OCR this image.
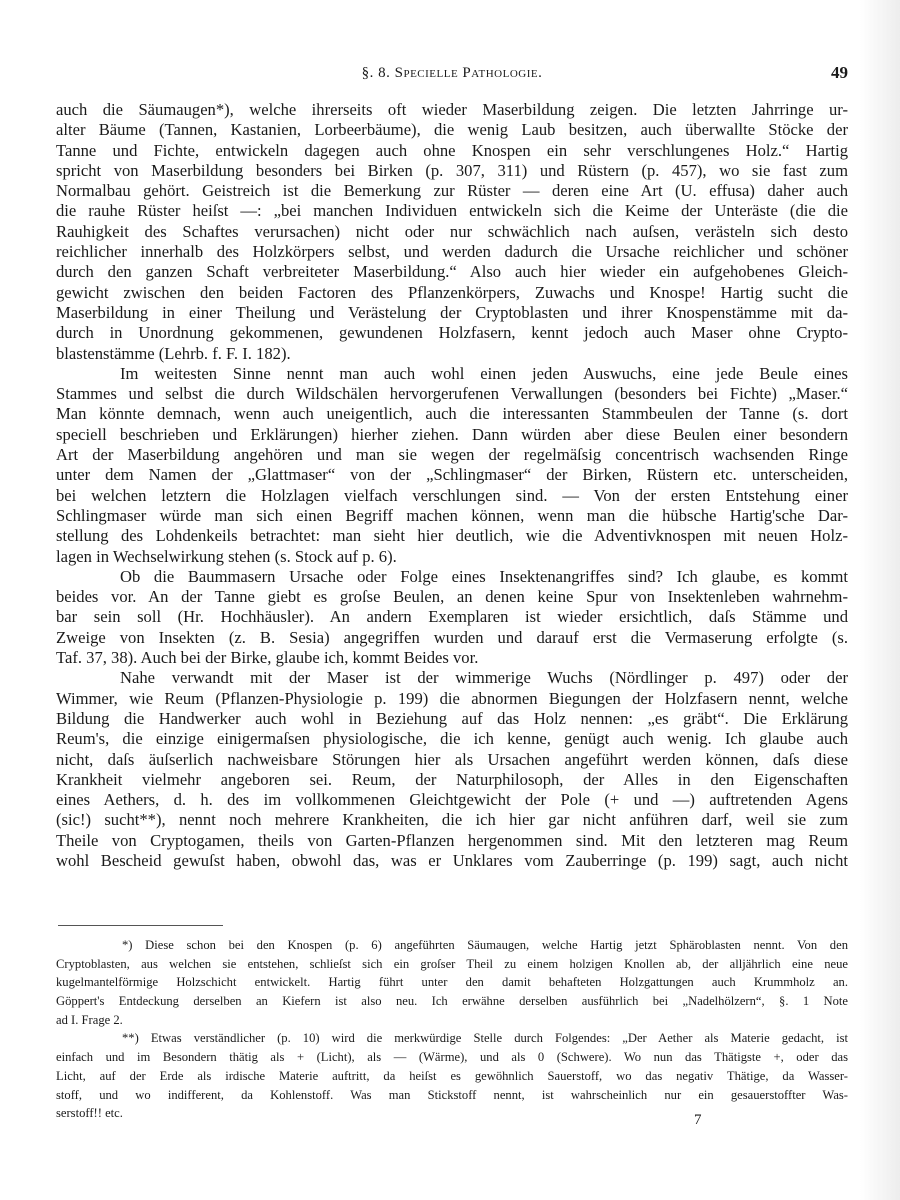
§. 8. Specielle Pathologie.	49
auch die Säumaugen*), welche ihrerseits oft wieder Maserbildung zeigen. Die letzten Jahrringe ur-
alter Bäume (Tannen, Kastanien, Lorbeerbäume), die wenig Laub besitzen, auch überwallte Stöcke der
Tanne und Fichte, entwickeln dagegen auch ohne Knospen ein sehr verschlungenes Holz.“ Hartig
spricht von Maserbildung besonders bei Birken (p. 307, 311) und Rüstern (p. 457), wo sie fast zum
Normalbau gehört. Geistreich ist die Bemerkung zur Rüster — deren eine Art (U. effusa) daher auch
die rauhe Rüster heiſst —: „bei manchen Individuen entwickeln sich die Keime der Unteräste (die die
Rauhigkeit des Schaftes verursachen) nicht oder nur schwächlich nach auſsen, verästeln sich desto
reichlicher innerhalb des Holzkörpers selbst, und werden dadurch die Ursache reichlicher und schöner
durch den ganzen Schaft verbreiteter Maserbildung.“ Also auch hier wieder ein aufgehobenes Gleich-
gewicht zwischen den beiden Factoren des Pflanzenkörpers, Zuwachs und Knospe! Hartig sucht die
Maserbildung in einer Theilung und Verästelung der Cryptoblasten und ihrer Knospenstämme mit da-
durch in Unordnung gekommenen, gewundenen Holzfasern, kennt jedoch auch Maser ohne Crypto-
blastenstämme (Lehrb. f. F. I. 182).
Im weitesten Sinne nennt man auch wohl einen jeden Auswuchs, eine jede Beule eines
Stammes und selbst die durch Wildschälen hervorgerufenen Verwallungen (besonders bei Fichte) „Maser.“
Man könnte demnach, wenn auch uneigentlich, auch die interessanten Stammbeulen der Tanne (s. dort
speciell beschrieben und Erklärungen) hierher ziehen. Dann würden aber diese Beulen einer besondern
Art der Maserbildung angehören und man sie wegen der regelmäſsig concentrisch wachsenden Ringe
unter dem Namen der „Glattmaser“ von der „Schlingmaser“ der Birken, Rüstern etc. unterscheiden,
bei welchen letztern die Holzlagen vielfach verschlungen sind. — Von der ersten Entstehung einer
Schlingmaser würde man sich einen Begriff machen können, wenn man die hübsche Hartig'sche Dar-
stellung des Lohdenkeils betrachtet: man sieht hier deutlich, wie die Adventivknospen mit neuen Holz-
lagen in Wechselwirkung stehen (s. Stock auf p. 6).
Ob die Baummasern Ursache oder Folge eines Insektenangriffes sind? Ich glaube, es kommt
beides vor. An der Tanne giebt es groſse Beulen, an denen keine Spur von Insektenleben wahrnehm-
bar sein soll (Hr. Hochhäusler). An andern Exemplaren ist wieder ersichtlich, daſs Stämme und
Zweige von Insekten (z. B. Sesia) angegriffen wurden und darauf erst die Vermaserung erfolgte (s.
Taf. 37, 38). Auch bei der Birke, glaube ich, kommt Beides vor.
Nahe verwandt mit der Maser ist der wimmerige Wuchs (Nördlinger p. 497) oder der
Wimmer, wie Reum (Pflanzen-Physiologie p. 199) die abnormen Biegungen der Holzfasern nennt, welche
Bildung die Handwerker auch wohl in Beziehung auf das Holz nennen: „es gräbt“. Die Erklärung
Reum's, die einzige einigermaſsen physiologische, die ich kenne, genügt auch wenig. Ich glaube auch
nicht, daſs äuſserlich nachweisbare Störungen hier als Ursachen angeführt werden können, daſs diese
Krankheit vielmehr angeboren sei. Reum, der Naturphilosoph, der Alles in den Eigenschaften
eines Aethers, d. h. des im vollkommenen Gleichtgewicht der Pole (+ und —) auftretenden Agens
(sic!) sucht**), nennt noch mehrere Krankheiten, die ich hier gar nicht anführen darf, weil sie zum
Theile von Cryptogamen, theils von Garten-Pflanzen hergenommen sind. Mit den letzteren mag Reum
wohl Bescheid gewuſst haben, obwohl das, was er Unklares vom Zauberringe (p. 199) sagt, auch nicht
*) Diese schon bei den Knospen (p. 6) angeführten Säumaugen, welche Hartig jetzt Sphäroblasten nennt. Von den
Cryptoblasten, aus welchen sie entstehen, schlieſst sich ein groſser Theil zu einem holzigen Knollen ab, der alljährlich eine neue
kugelmantelförmige Holzschicht entwickelt. Hartig führt unter den damit behafteten Holzgattungen auch Krummholz an.
Göppert's Entdeckung derselben an Kiefern ist also neu. Ich erwähne derselben ausführlich bei „Nadelhölzern“, §. 1 Note
ad I. Frage 2.
**) Etwas verständlicher (p. 10) wird die merkwürdige Stelle durch Folgendes: „Der Aether als Materie gedacht, ist
einfach und im Besondern thätig als + (Licht), als — (Wärme), und als 0 (Schwere). Wo nun das Thätigste +, oder das
Licht, auf der Erde als irdische Materie auftritt, da heiſst es gewöhnlich Sauerstoff, wo das negativ Thätige, da Wasser-
stoff, und wo indifferent, da Kohlenstoff. Was man Stickstoff nennt, ist wahrscheinlich nur ein gesauerstoffter Was-
serstoff!! etc.	7
